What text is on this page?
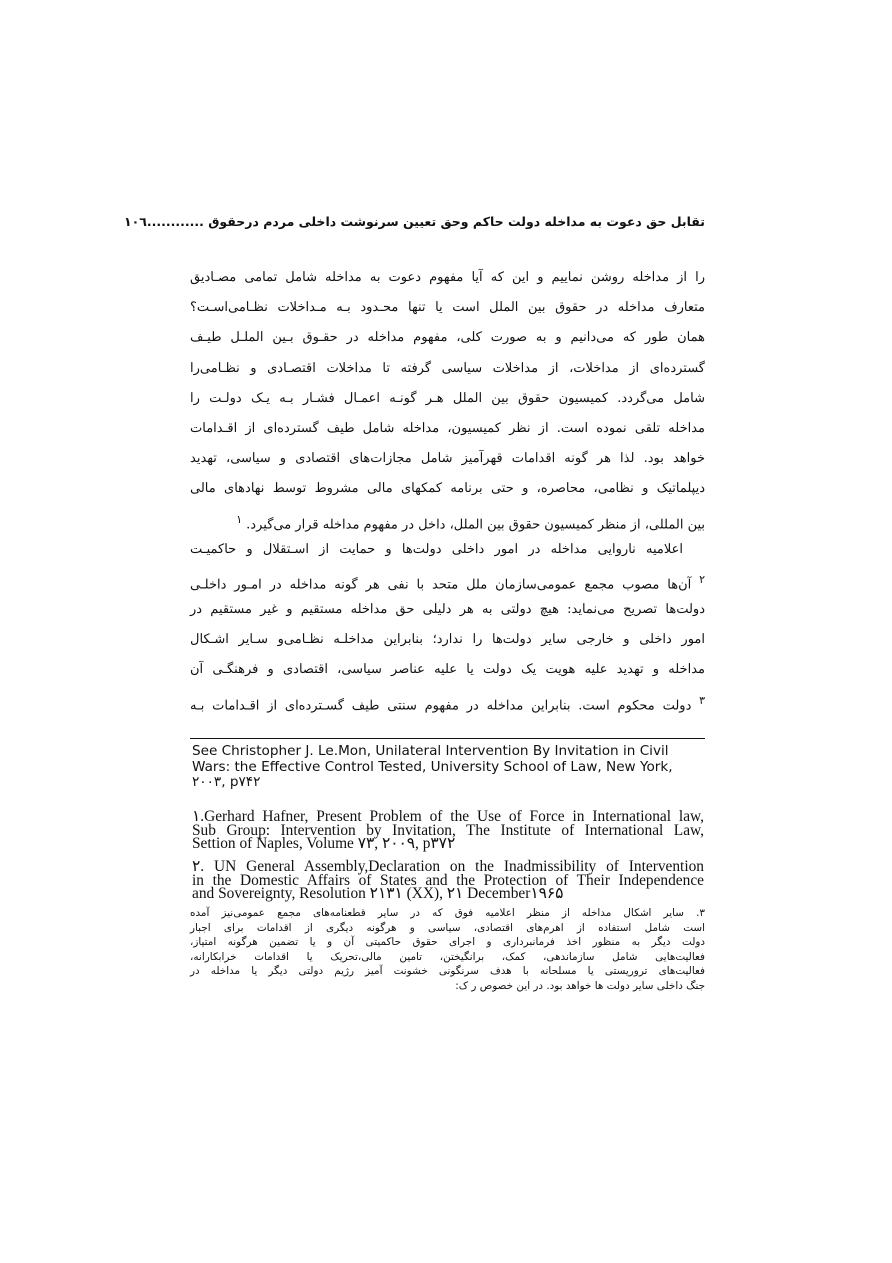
تقابل حق دعوت به مداخله دولت حاکم وحق تعیین سرنوشت داخلی مردم درحقوق ............۱۰٦
را از مداخله روشن نماییم و این که آیا مفهوم دعوت به مداخله شامل تمامی مصـادیق
متعارف مداخله در حقوق بین الملل است یا تنها محـدود بـه مـداخلات نظـامی‌اسـت؟
همان طور که می‌دانیم و به صورت کلی، مفهوم مداخله در حقـوق بـین الملـل طیـف
گسترده‌ای از مداخلات، از مداخلات سیاسی گرفته تا مداخلات اقتصـادی و نظـامی‌را
شامل می‌گردد. کمیسیون حقوق بین الملل هـر گونـه اعمـال فشـار بـه یـک دولـت را
مداخله تلقی نموده است. از نظر کمیسیون، مداخله شامل طیف گسترده‌ای از اقـدامات
خواهد بود. لذا هر گونه اقدامات قهرآمیز شامل مجازات‌های اقتصادی و سیاسی، تهدید
دیپلماتیک و نظامی، محاصره، و حتی برنامه کمکهای مالی مشروط توسط نهادهای مالی
بین المللی، از منظر کمیسیون حقوق بین الملل، داخل در مفهوم مداخله قرار می‌گیرد. $^۱$
اعلامیه ناروایی مداخله در امور داخلی دولت‌ها و حمایت از اسـتقلال و حاکمیـت
$^۲$ آن‌ها مصوب مجمع عمومی‌سازمان ملل متحد با نفی هر گونه مداخله در امـور داخلـی
دولت‌ها تصریح می‌نماید: هیچ دولتی به هر دلیلی حق مداخله مستقیم و غیر مستقیم در
امور داخلی و خارجی سایر دولت‌ها را ندارد؛ بنابراین مداخلـه نظـامی‌و سـایر اشـکال
مداخله و تهدید علیه هویت یک دولت یا علیه عناصر سیاسی، اقتصادی و فرهنگـی آن
$^۳$ دولت محکوم است. بنابراین مداخله در مفهوم سنتی طیف گسـترده‌ای از اقـدامات بـه
See Christopher J. Le.Mon, Unilateral Intervention By Invitation in Civil
Wars: the Effective Control Tested, University School of Law, New York,
۲۰۰۳, p۷۴۲
۱.Gerhard Hafner, Present Problem of the Use of Force in International law,
Sub Group: Intervention by Invitation, The Institute of International Law,
Settion of Naples, Volume ۷۳, ۲۰۰۹, p۳۷۲
۲. UN General Assembly,Declaration on the Inadmissibility of Intervention
in the Domestic Affairs of States and the Protection of Their Independence
and Sovereignty, Resolution ۲۱۳۱ (XX), ۲۱ December۱۹۶۵
۳. سایر اشکال مداخله از منظر اعلامیه فوق که در سایر قطعنامه‌های مجمع عمومی‌نیز آمده
است شامل استفاده از اهرم‌های اقتصادی، سیاسی و هرگونه دیگری از اقدامات برای اجبار
دولت دیگر به منظور اخذ فرمانبرداری و اجرای حقوق حاکمیتی آن و یا تضمین هرگونه امتیاز،
فعالیت‌هایی شامل سازماندهی، کمک، برانگیختن، تامین مالی،تحریک یا اقدامات خرابکارانه،
فعالیت‌های تروریستی یا مسلحانه با هدف سرنگونی خشونت آمیز رژیم دولتی دیگر یا مداخله در
جنگ داخلی سایر دولت ها خواهد بود. در این خصوص ر ک:
